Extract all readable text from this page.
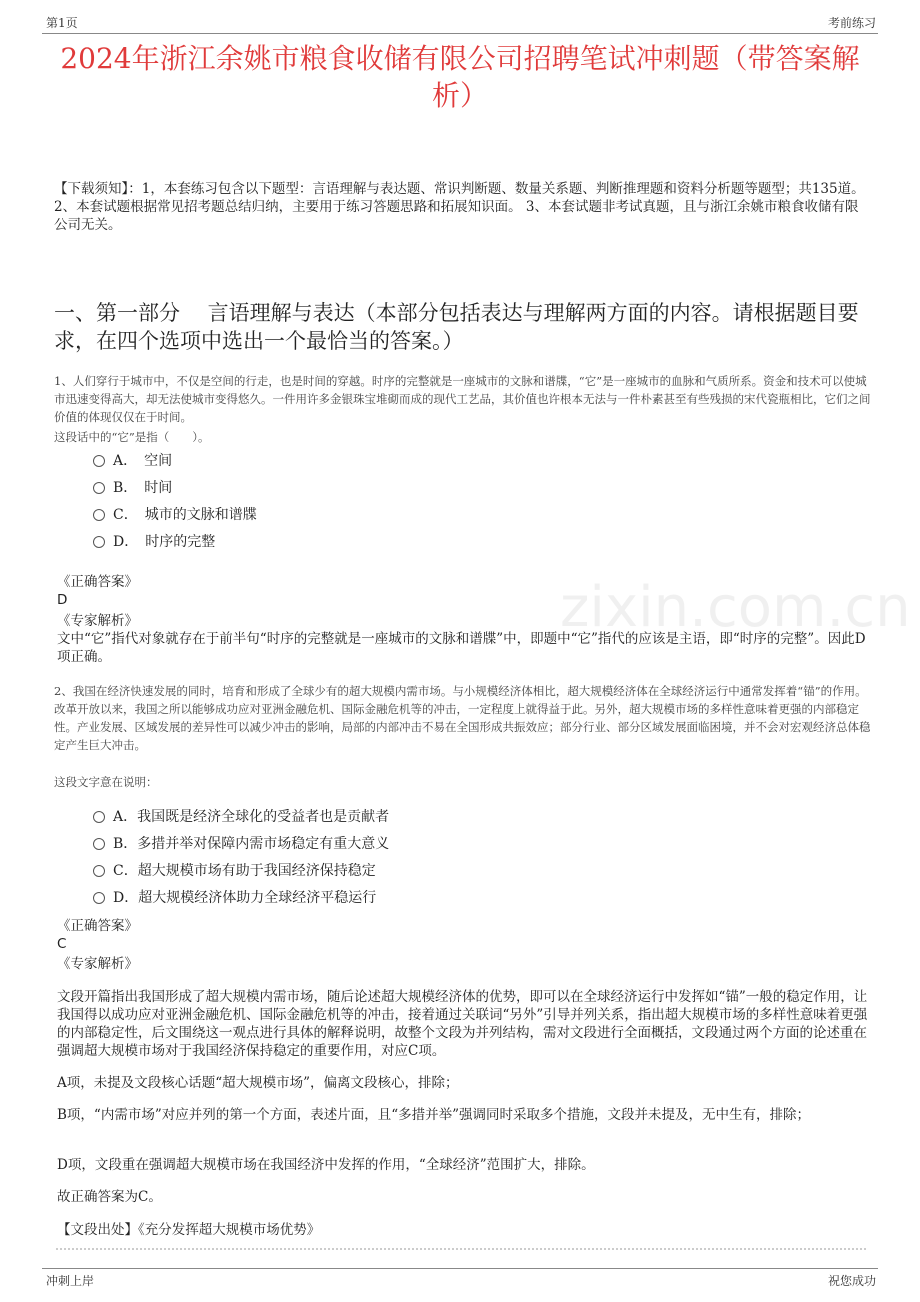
第1页	考前练习
2024年浙江余姚市粮食收储有限公司招聘笔试冲刺题（带答案解析）

【下载须知】：1，本套练习包含以下题型：言语理解与表达题、常识判断题、数量关系题、判断推理题和资料分析题等题型；共135道。 2、本套试题根据常见招考题总结归纳，主要用于练习答题思路和拓展知识面。 3、本套试题非考试真题，且与浙江余姚市粮食收储有限公司无关。

一、第一部分　 言语理解与表达（本部分包括表达与理解两方面的内容。请根据题目要求，在四个选项中选出一个最恰当的答案。）

1、人们穿行于城市中，不仅是空间的行走，也是时间的穿越。时序的完整就是一座城市的文脉和谱牒，“它”是一座城市的血脉和气质所系。资金和技术可以使城市迅速变得高大，却无法使城市变得悠久。一件用许多金银珠宝堆砌而成的现代工艺品，其价值也许根本无法与一件朴素甚至有些残损的宋代瓷瓶相比，它们之间价值的体现仅仅在于时间。

这段话中的“它”是指（　　）。

A．　空间
B．　时间
C．　城市的文脉和谱牒
D．　时序的完整

《正确答案》

D

《专家解析》

文中“它”指代对象就存在于前半句“时序的完整就是一座城市的文脉和谱牒”中，即题中“它”指代的应该是主语，即“时序的完整”。因此D项正确。

zixin.com.cn

2、我国在经济快速发展的同时，培育和形成了全球少有的超大规模内需市场。与小规模经济体相比，超大规模经济体在全球经济运行中通常发挥着“锚”的作用。改革开放以来，我国之所以能够成功应对亚洲金融危机、国际金融危机等的冲击，一定程度上就得益于此。另外，超大规模市场的多样性意味着更强的内部稳定性。产业发展、区域发展的差异性可以减少冲击的影响，局部的内部冲击不易在全国形成共振效应；部分行业、部分区域发展面临困境，并不会对宏观经济总体稳定产生巨大冲击。

这段文字意在说明：

A．我国既是经济全球化的受益者也是贡献者
B．多措并举对保障内需市场稳定有重大意义
C．超大规模市场有助于我国经济保持稳定
D．超大规模经济体助力全球经济平稳运行

《正确答案》

C

《专家解析》

文段开篇指出我国形成了超大规模内需市场，随后论述超大规模经济体的优势，即可以在全球经济运行中发挥如“锚”一般的稳定作用，让我国得以成功应对亚洲金融危机、国际金融危机等的冲击，接着通过关联词“另外”引导并列关系，指出超大规模市场的多样性意味着更强的内部稳定性，后文围绕这一观点进行具体的解释说明，故整个文段为并列结构，需对文段进行全面概括，文段通过两个方面的论述重在强调超大规模市场对于我国经济保持稳定的重要作用，对应C项。

A项，未提及文段核心话题“超大规模市场”，偏离文段核心，排除；

B项，“内需市场”对应并列的第一个方面，表述片面，且“多措并举”强调同时采取多个措施，文段并未提及，无中生有，排除；

D项，文段重在强调超大规模市场在我国经济中发挥的作用，“全球经济”范围扩大，排除。

故正确答案为C。

【文段出处】《充分发挥超大规模市场优势》

冲刺上岸	祝您成功
